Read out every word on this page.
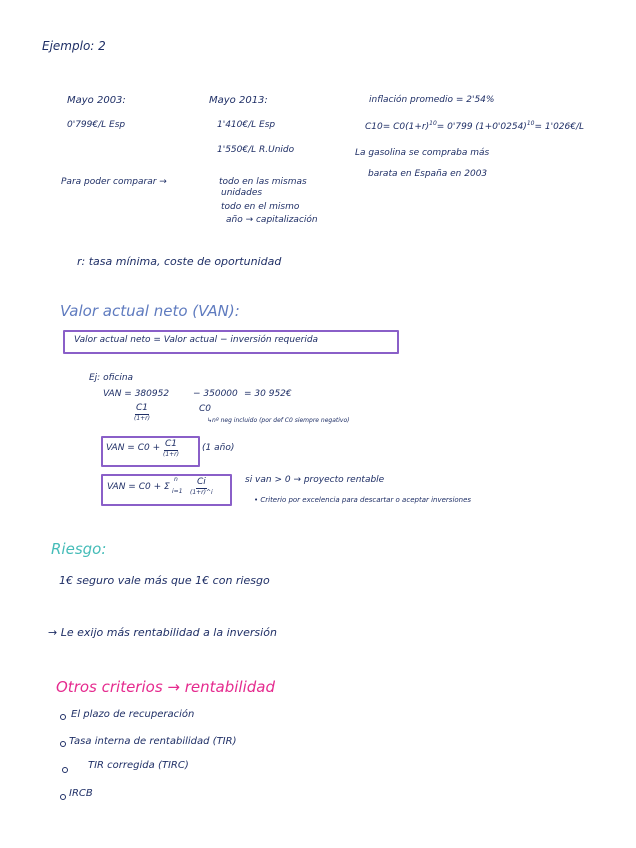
Ejemplo: 2
Mayo 2003:
0'799€/L Esp
Mayo 2013:
1'410€/L Esp
1'550€/L R.Unido
inflación promedio = 2'54%
$C10= C0(1+r)^{10}= 0'799$ $(1+0'0254)^{10}=$ 1'026€/L
La gasolina se compraba más
barata en España en 2003
Para poder comparar →	todo en las mismas
unidades
todo en el mismo
año → capitalización
r: tasa mínima, coste de oportunidad
Valor actual neto (VAN):
Valor actual neto = Valor actual − inversión requerida
Ej: oficina
VAN = 380952	− 350000 = 30 952€
C1
(1+r)
C0
↳nº neg incluido (por def C0 siempre negativo)
VAN = C0 + C1
(1+r)
(1 año)
VAN = C0 + Σ
n
i=1
Ci
(1+r)^i
si van > 0 → proyecto rentable
• Criterio por excelencia para descartar o aceptar inversiones
Riesgo:
1€ seguro vale más que 1€ con riesgo
→ Le exijo más rentabilidad a la inversión
Otros criterios → rentabilidad
El plazo de recuperación
Tasa interna de rentabilidad (TIR)
TIR corregida (TIRC)
IRCB
